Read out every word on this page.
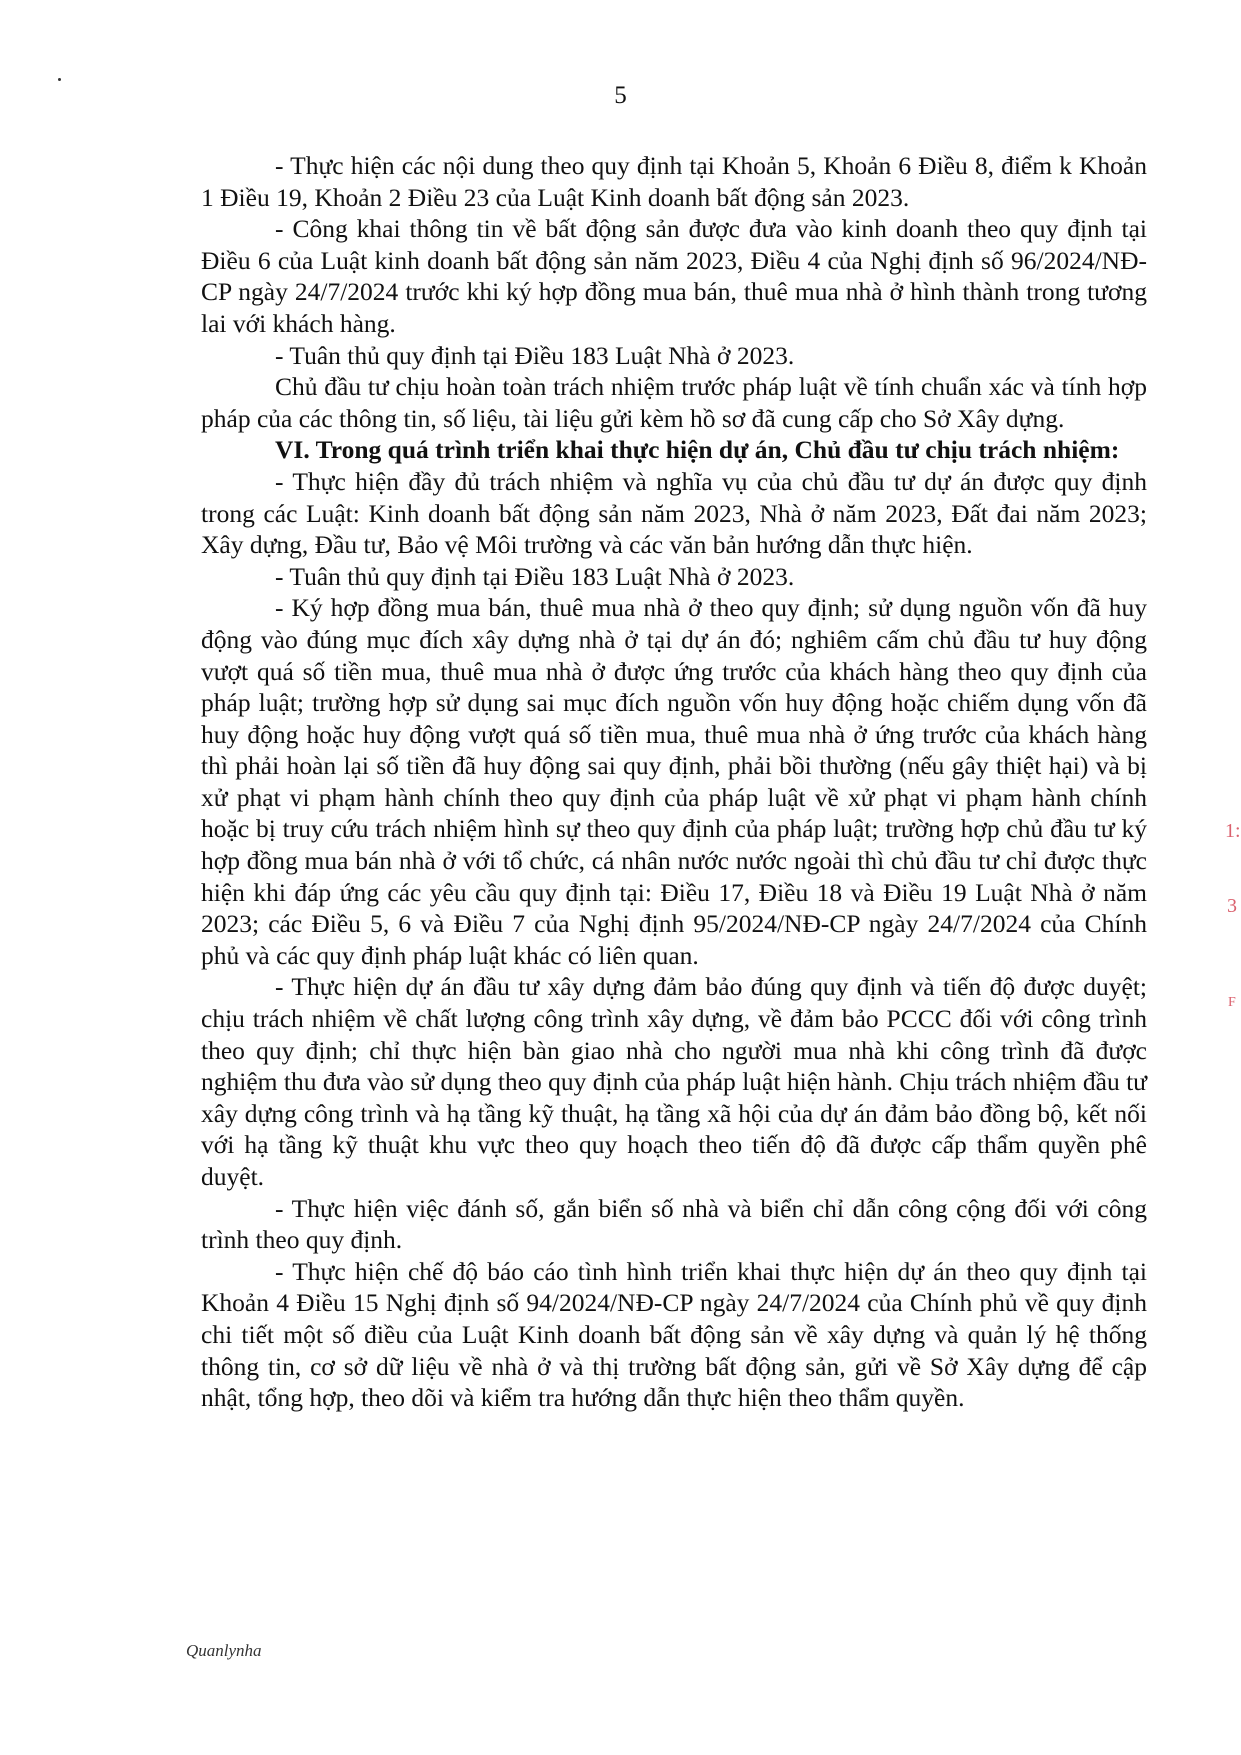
5

- Thực hiện các nội dung theo quy định tại Khoản 5, Khoản 6 Điều 8, điểm k Khoản 1 Điều 19, Khoản 2 Điều 23 của Luật Kinh doanh bất động sản 2023.

- Công khai thông tin về bất động sản được đưa vào kinh doanh theo quy định tại Điều 6 của Luật kinh doanh bất động sản năm 2023, Điều 4 của Nghị định số 96/2024/NĐ-CP ngày 24/7/2024 trước khi ký hợp đồng mua bán, thuê mua nhà ở hình thành trong tương lai với khách hàng.

- Tuân thủ quy định tại Điều 183 Luật Nhà ở 2023.

Chủ đầu tư chịu hoàn toàn trách nhiệm trước pháp luật về tính chuẩn xác và tính hợp pháp của các thông tin, số liệu, tài liệu gửi kèm hồ sơ đã cung cấp cho Sở Xây dựng.

VI. Trong quá trình triển khai thực hiện dự án, Chủ đầu tư chịu trách nhiệm:

- Thực hiện đầy đủ trách nhiệm và nghĩa vụ của chủ đầu tư dự án được quy định trong các Luật: Kinh doanh bất động sản năm 2023, Nhà ở năm 2023, Đất đai năm 2023; Xây dựng, Đầu tư, Bảo vệ Môi trường và các văn bản hướng dẫn thực hiện.

- Tuân thủ quy định tại Điều 183 Luật Nhà ở 2023.

- Ký hợp đồng mua bán, thuê mua nhà ở theo quy định; sử dụng nguồn vốn đã huy động vào đúng mục đích xây dựng nhà ở tại dự án đó; nghiêm cấm chủ đầu tư huy động vượt quá số tiền mua, thuê mua nhà ở được ứng trước của khách hàng theo quy định của pháp luật; trường hợp sử dụng sai mục đích nguồn vốn huy động hoặc chiếm dụng vốn đã huy động hoặc huy động vượt quá số tiền mua, thuê mua nhà ở ứng trước của khách hàng thì phải hoàn lại số tiền đã huy động sai quy định, phải bồi thường (nếu gây thiệt hại) và bị xử phạt vi phạm hành chính theo quy định của pháp luật về xử phạt vi phạm hành chính hoặc bị truy cứu trách nhiệm hình sự theo quy định của pháp luật; trường hợp chủ đầu tư ký hợp đồng mua bán nhà ở với tổ chức, cá nhân nước nước ngoài thì chủ đầu tư chỉ được thực hiện khi đáp ứng các yêu cầu quy định tại: Điều 17, Điều 18 và Điều 19 Luật Nhà ở năm 2023; các Điều 5, 6 và Điều 7 của Nghị định 95/2024/NĐ-CP ngày 24/7/2024 của Chính phủ và các quy định pháp luật khác có liên quan.

- Thực hiện dự án đầu tư xây dựng đảm bảo đúng quy định và tiến độ được duyệt; chịu trách nhiệm về chất lượng công trình xây dựng, về đảm bảo PCCC đối với công trình theo quy định; chỉ thực hiện bàn giao nhà cho người mua nhà khi công trình đã được nghiệm thu đưa vào sử dụng theo quy định của pháp luật hiện hành. Chịu trách nhiệm đầu tư xây dựng công trình và hạ tầng kỹ thuật, hạ tầng xã hội của dự án đảm bảo đồng bộ, kết nối với hạ tầng kỹ thuật khu vực theo quy hoạch theo tiến độ đã được cấp thẩm quyền phê duyệt.

- Thực hiện việc đánh số, gắn biển số nhà và biển chỉ dẫn công cộng đối với công trình theo quy định.

- Thực hiện chế độ báo cáo tình hình triển khai thực hiện dự án theo quy định tại Khoản 4 Điều 15 Nghị định số 94/2024/NĐ-CP ngày 24/7/2024 của Chính phủ về quy định chi tiết một số điều của Luật Kinh doanh bất động sản về xây dựng và quản lý hệ thống thông tin, cơ sở dữ liệu về nhà ở và thị trường bất động sản, gửi về Sở Xây dựng để cập nhật, tổng hợp, theo dõi và kiểm tra hướng dẫn thực hiện theo thẩm quyền.

1:
3
F
Quanlynha
